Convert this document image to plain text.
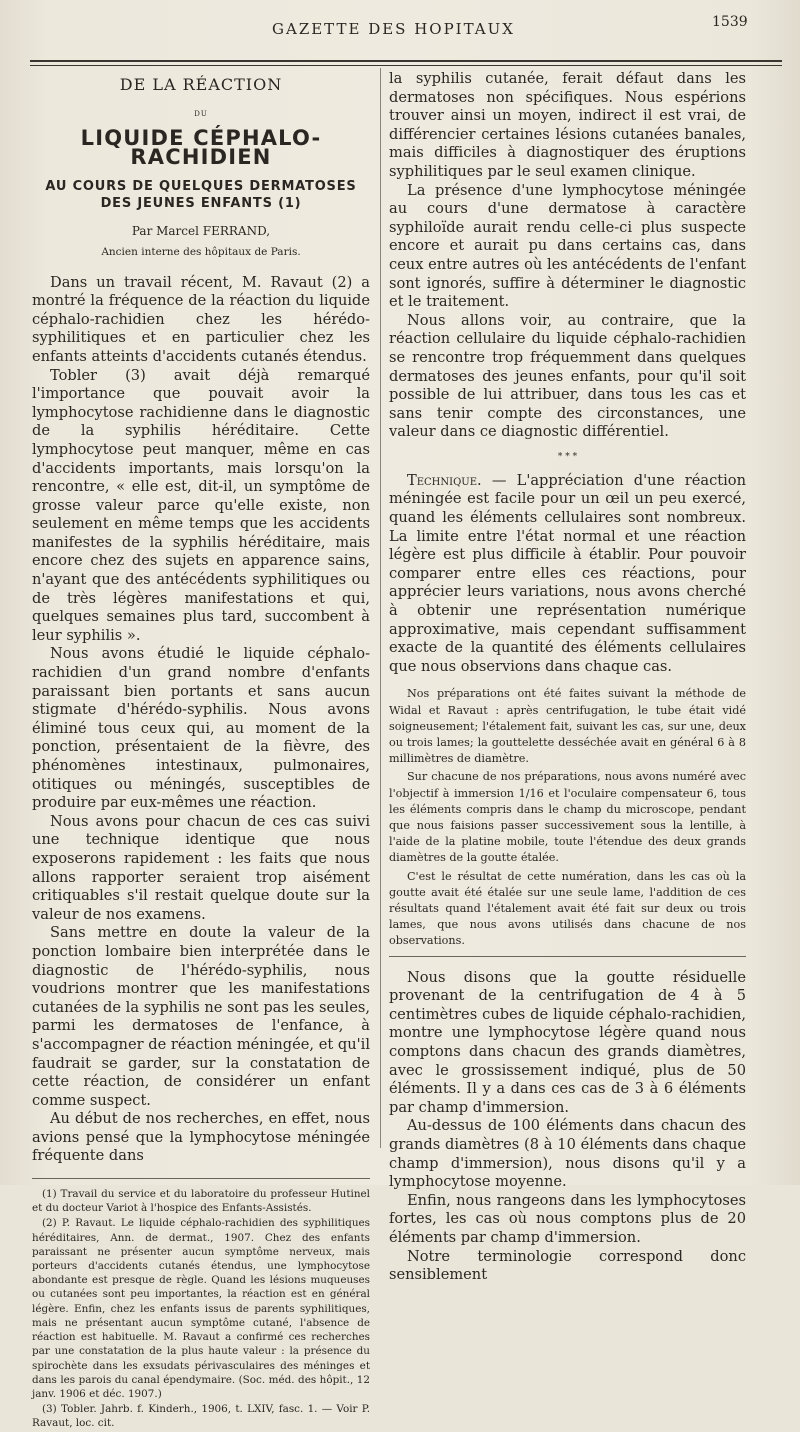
GAZETTE DES HOPITAUX	1539
DE LA RÉACTION
DU
LIQUIDE CÉPHALO-RACHIDIEN
AU COURS DE QUELQUES DERMATOSES
DES JEUNES ENFANTS (1)
Par Marcel FERRAND,
Ancien interne des hôpitaux de Paris.

Dans un travail récent, M. Ravaut (2) a montré la fréquence de la réaction du liquide céphalo-rachidien chez les hérédo-syphilitiques et en particulier chez les enfants atteints d'accidents cutanés étendus.

Tobler (3) avait déjà remarqué l'importance que pouvait avoir la lymphocytose rachidienne dans le diagnostic de la syphilis héréditaire. Cette lymphocytose peut manquer, même en cas d'accidents importants, mais lorsqu'on la rencontre, « elle est, dit-il, un symptôme de grosse valeur parce qu'elle existe, non seulement en même temps que les accidents manifestes de la syphilis héréditaire, mais encore chez des sujets en apparence sains, n'ayant que des antécédents syphilitiques ou de très légères manifestations et qui, quelques semaines plus tard, succombent à leur syphilis ».

Nous avons étudié le liquide céphalo-rachidien d'un grand nombre d'enfants paraissant bien portants et sans aucun stigmate d'hérédo-syphilis. Nous avons éliminé tous ceux qui, au moment de la ponction, présentaient de la fièvre, des phénomènes intestinaux, pulmonaires, otitiques ou méningés, susceptibles de produire par eux-mêmes une réaction.

Nous avons pour chacun de ces cas suivi une technique identique que nous exposerons rapidement : les faits que nous allons rapporter seraient trop aisément critiquables s'il restait quelque doute sur la valeur de nos examens.

Sans mettre en doute la valeur de la ponction lombaire bien interprétée dans le diagnostic de l'hérédo-syphilis, nous voudrions montrer que les manifestations cutanées de la syphilis ne sont pas les seules, parmi les dermatoses de l'enfance, à s'accompagner de réaction méningée, et qu'il faudrait se garder, sur la constatation de cette réaction, de considérer un enfant comme suspect.

Au début de nos recherches, en effet, nous avions pensé que la lymphocytose méningée fréquente dans

(1) Travail du service et du laboratoire du professeur Hutinel et du docteur Variot à l'hospice des Enfants-Assistés.

(2) P. Ravaut. Le liquide céphalo-rachidien des syphilitiques héréditaires, Ann. de dermat., 1907. Chez des enfants paraissant ne présenter aucun symptôme nerveux, mais porteurs d'accidents cutanés étendus, une lymphocytose abondante est presque de règle. Quand les lésions muqueuses ou cutanées sont peu importantes, la réaction est en général légère. Enfin, chez les enfants issus de parents syphilitiques, mais ne présentant aucun symptôme cutané, l'absence de réaction est habituelle. M. Ravaut a confirmé ces recherches par une constatation de la plus haute valeur : la présence du spirochète dans les exsudats périvasculaires des méninges et dans les parois du canal épendymaire. (Soc. méd. des hôpit., 12 janv. 1906 et déc. 1907.)

(3) Tobler. Jahrb. f. Kinderh., 1906, t. LXIV, fasc. 1. — Voir P. Ravaut, loc. cit.

la syphilis cutanée, ferait défaut dans les dermatoses non spécifiques. Nous espérions trouver ainsi un moyen, indirect il est vrai, de différencier certaines lésions cutanées banales, mais difficiles à diagnostiquer des éruptions syphilitiques par le seul examen clinique.

La présence d'une lymphocytose méningée au cours d'une dermatose à caractère syphiloïde aurait rendu celle-ci plus suspecte encore et aurait pu dans certains cas, dans ceux entre autres où les antécédents de l'enfant sont ignorés, suffire à déterminer le diagnostic et le traitement.

Nous allons voir, au contraire, que la réaction cellulaire du liquide céphalo-rachidien se rencontre trop fréquemment dans quelques dermatoses des jeunes enfants, pour qu'il soit possible de lui attribuer, dans tous les cas et sans tenir compte des circonstances, une valeur dans ce diagnostic différentiel.

* * *

Technique. — L'appréciation d'une réaction méningée est facile pour un œil un peu exercé, quand les éléments cellulaires sont nombreux. La limite entre l'état normal et une réaction légère est plus difficile à établir. Pour pouvoir comparer entre elles ces réactions, pour apprécier leurs variations, nous avons cherché à obtenir une représentation numérique approximative, mais cependant suffisamment exacte de la quantité des éléments cellulaires que nous observions dans chaque cas.

Nos préparations ont été faites suivant la méthode de Widal et Ravaut : après centrifugation, le tube était vidé soigneusement; l'étalement fait, suivant les cas, sur une, deux ou trois lames; la gouttelette desséchée avait en général 6 à 8 millimètres de diamètre.

Sur chacune de nos préparations, nous avons numéré avec l'objectif à immersion 1/16 et l'oculaire compensateur 6, tous les éléments compris dans le champ du microscope, pendant que nous faisions passer successivement sous la lentille, à l'aide de la platine mobile, toute l'étendue des deux grands diamètres de la goutte étalée.

C'est le résultat de cette numération, dans les cas où la goutte avait été étalée sur une seule lame, l'addition de ces résultats quand l'étalement avait été fait sur deux ou trois lames, que nous avons utilisés dans chacune de nos observations.

Nous disons que la goutte résiduelle provenant de la centrifugation de 4 à 5 centimètres cubes de liquide céphalo-rachidien, montre une lymphocytose légère quand nous comptons dans chacun des grands diamètres, avec le grossissement indiqué, plus de 50 éléments. Il y a dans ces cas de 3 à 6 éléments par champ d'immersion.

Au-dessus de 100 éléments dans chacun des grands diamètres (8 à 10 éléments dans chaque champ d'immersion), nous disons qu'il y a lymphocytose moyenne.

Enfin, nous rangeons dans les lymphocytoses fortes, les cas où nous comptons plus de 20 éléments par champ d'immersion.

Notre terminologie correspond donc sensiblement
